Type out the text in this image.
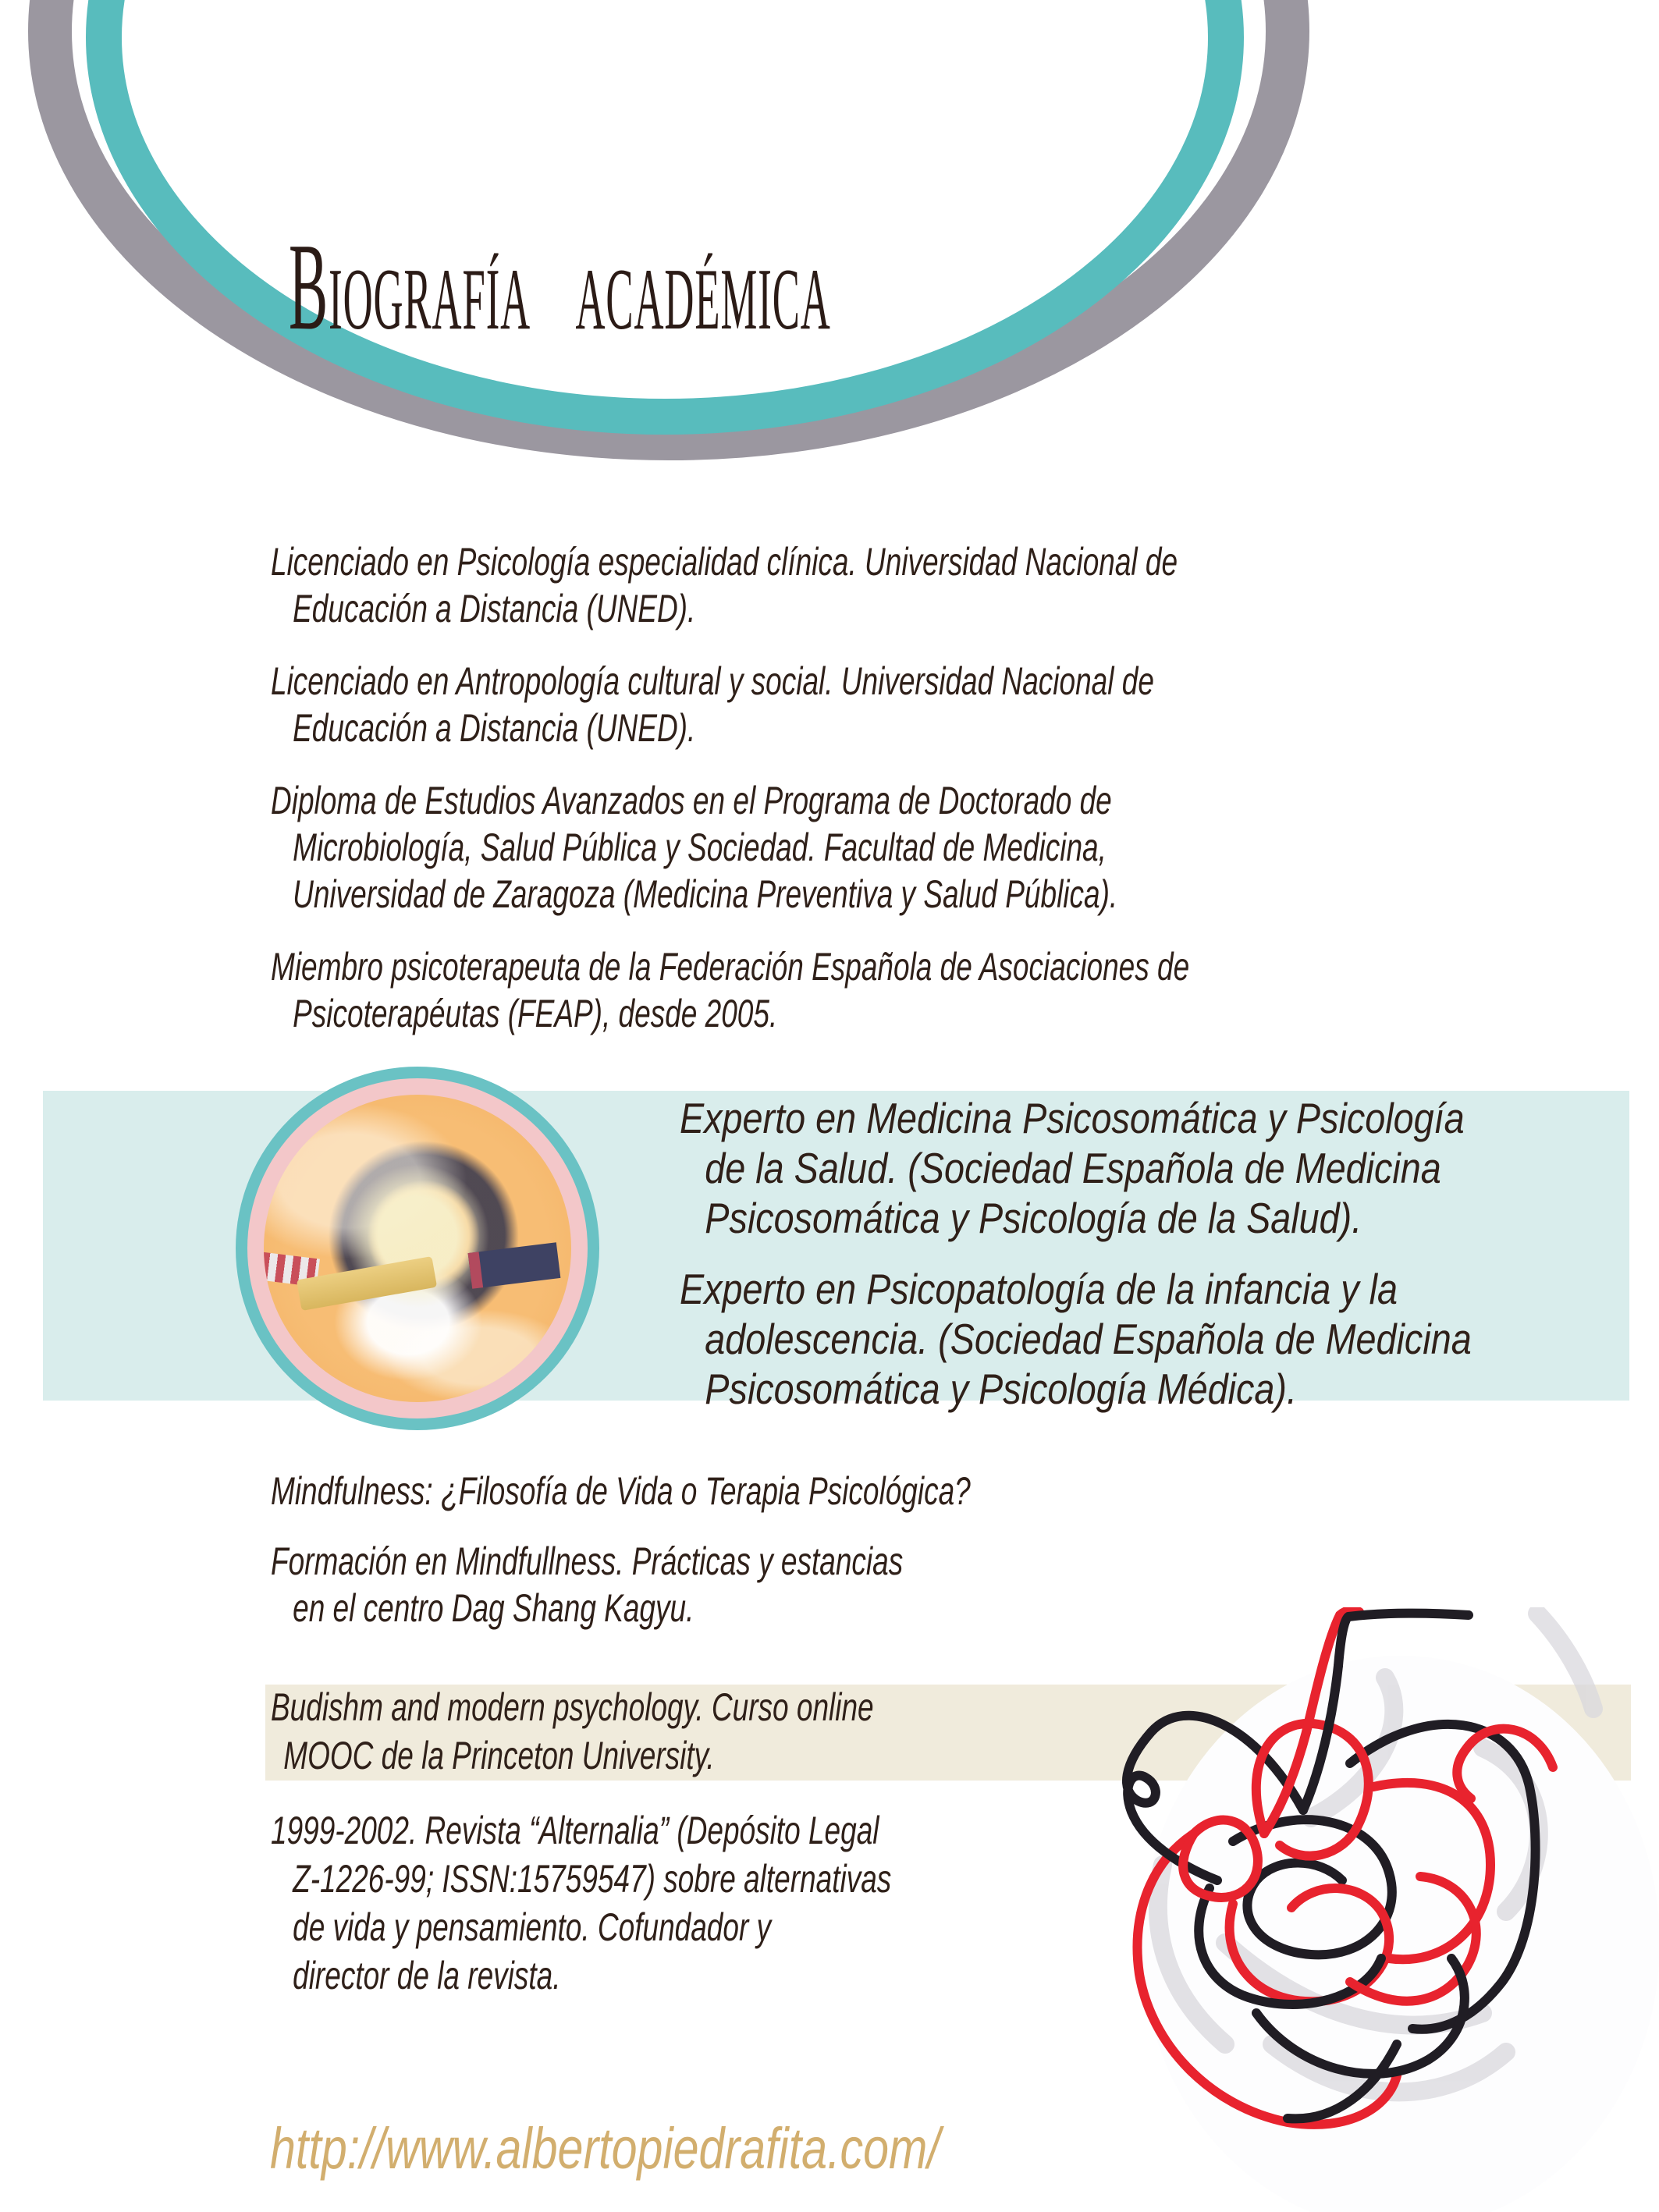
Biografía académica
Licenciado en Psicología especialidad clínica. Universidad Nacional de
Educación a Distancia (UNED).
Licenciado en Antropología cultural y social. Universidad Nacional de
Educación a Distancia (UNED).
Diploma de Estudios Avanzados en el Programa de Doctorado de
Microbiología, Salud Pública y Sociedad. Facultad de Medicina,
Universidad de Zaragoza (Medicina Preventiva y Salud Pública).
Miembro psicoterapeuta de la Federación Española de Asociaciones de
Psicoterapéutas (FEAP), desde 2005.
Experto en Medicina Psicosomática y Psicología
de la Salud. (Sociedad Española de Medicina
Psicosomática y Psicología de la Salud).
Experto en Psicopatología de la infancia y la
adolescencia. (Sociedad Española de Medicina
Psicosomática y Psicología Médica).
Mindfulness: ¿Filosofía de Vida o Terapia Psicológica?
Formación en Mindfullness. Prácticas y estancias
en el centro Dag Shang Kagyu.
Budishm and modern psychology. Curso online
MOOC de la Princeton University.
1999-2002. Revista “Alternalia” (Depósito Legal
Z-1226-99; ISSN:15759547) sobre alternativas
de vida y pensamiento. Cofundador y
director de la revista.
http://www.albertopiedrafita.com/
